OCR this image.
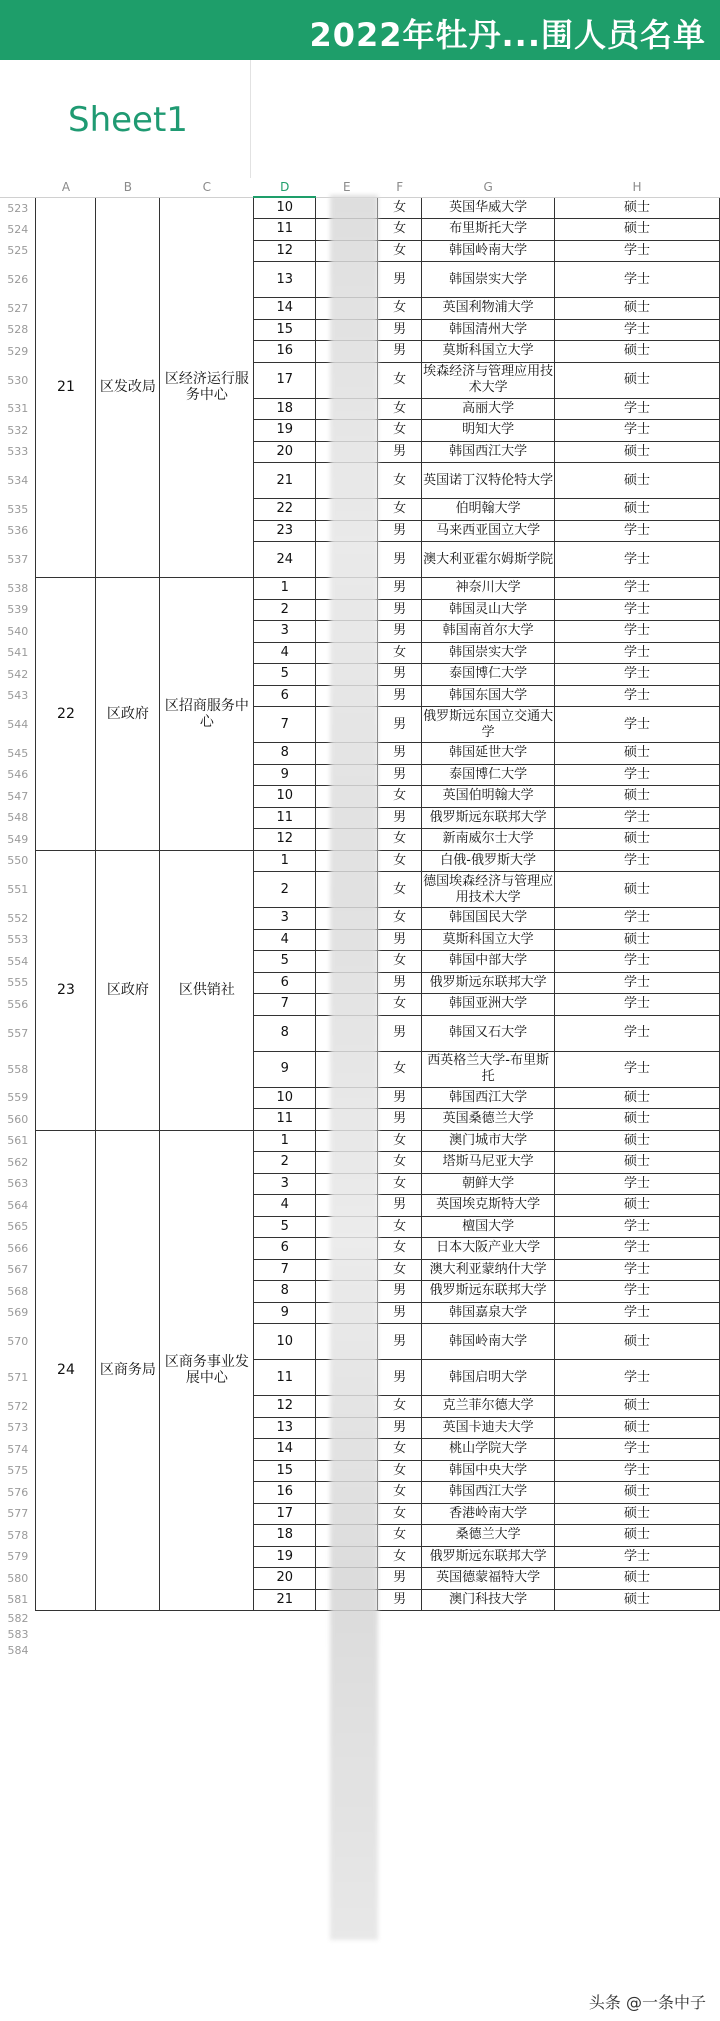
2022年牡丹...围人员名单
Sheet1
	A	B	C	D	E	F	G	H
523	21	区发改局	区经济运行服务中心	10		女	英国华威大学	硕士
524				11		女	布里斯托大学	硕士
525				12		女	韩国岭南大学	学士
526				13		男	韩国崇实大学	学士
527				14		女	英国利物浦大学	硕士
528				15		男	韩国清州大学	学士
529				16		男	莫斯科国立大学	硕士
530				17		女	埃森经济与管理应用技术大学	硕士
531				18		女	高丽大学	学士
532				19		女	明知大学	学士
533				20		男	韩国西江大学	硕士
534				21		女	英国诺丁汉特伦特大学	硕士
535				22		女	伯明翰大学	硕士
536				23		男	马来西亚国立大学	学士
537				24		男	澳大利亚霍尔姆斯学院	学士
538	22	区政府	区招商服务中心	1		男	神奈川大学	学士
539				2		男	韩国灵山大学	学士
540				3		男	韩国南首尔大学	学士
541				4		女	韩国崇实大学	学士
542				5		男	泰国博仁大学	学士
543				6		男	韩国东国大学	学士
544				7		男	俄罗斯远东国立交通大学	学士
545				8		男	韩国延世大学	硕士
546				9		男	泰国博仁大学	学士
547				10		女	英国伯明翰大学	硕士
548				11		男	俄罗斯远东联邦大学	学士
549				12		女	新南威尔士大学	硕士
550	23	区政府	区供销社	1		女	白俄-俄罗斯大学	学士
551				2		女	德国埃森经济与管理应用技术大学	硕士
552				3		女	韩国国民大学	学士
553				4		男	莫斯科国立大学	硕士
554				5		女	韩国中部大学	学士
555				6		男	俄罗斯远东联邦大学	学士
556				7		女	韩国亚洲大学	学士
557				8		男	韩国又石大学	学士
558				9		女	西英格兰大学-布里斯托	学士
559				10		男	韩国西江大学	硕士
560				11		男	英国桑德兰大学	硕士
561	24	区商务局	区商务事业发展中心	1		女	澳门城市大学	硕士
562				2		女	塔斯马尼亚大学	硕士
563				3		女	朝鲜大学	学士
564				4		男	英国埃克斯特大学	硕士
565				5		女	檀国大学	学士
566				6		女	日本大阪产业大学	学士
567				7		女	澳大利亚蒙纳什大学	学士
568				8		男	俄罗斯远东联邦大学	学士
569				9		男	韩国嘉泉大学	学士
570				10		男	韩国岭南大学	硕士
571				11		男	韩国启明大学	学士
572				12		女	克兰菲尔德大学	硕士
573				13		男	英国卡迪夫大学	硕士
574				14		女	桃山学院大学	学士
575				15		女	韩国中央大学	学士
576				16		女	韩国西江大学	硕士
577				17		女	香港岭南大学	硕士
578				18		女	桑德兰大学	硕士
579				19		女	俄罗斯远东联邦大学	学士
580				20		男	英国德蒙福特大学	硕士
581				21		男	澳门科技大学	硕士
582								
583								
584								
头条 @一条中子
